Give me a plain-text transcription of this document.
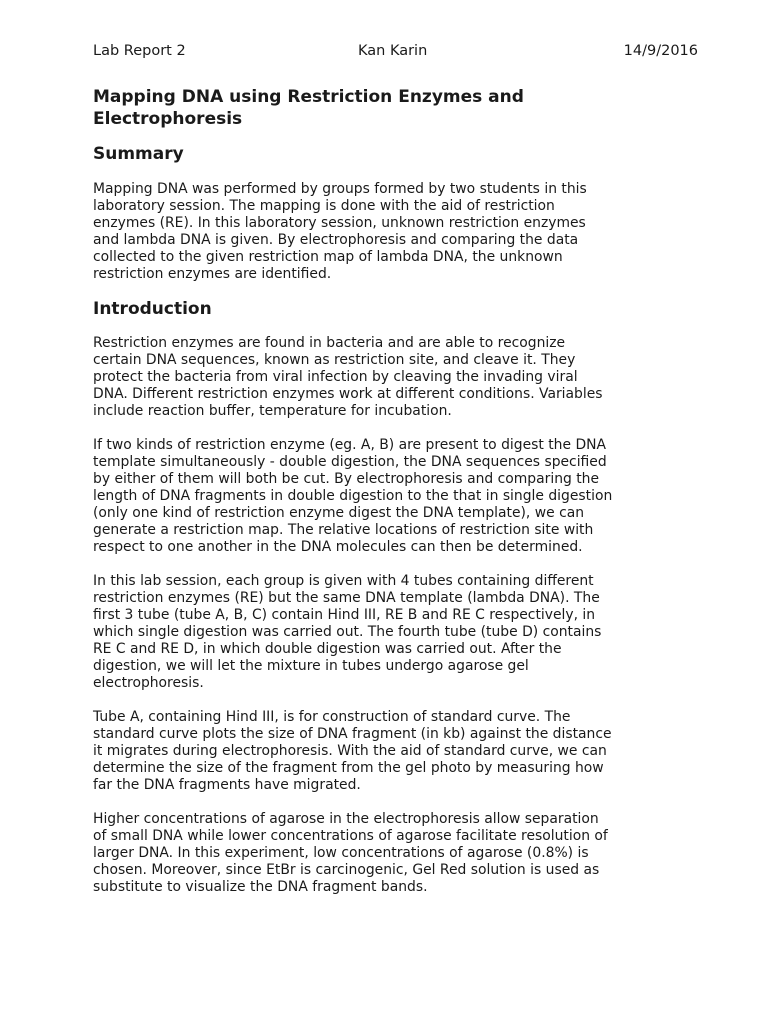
Lab Report 2	Kan Karin	14/9/2016
Mapping DNA using Restriction Enzymes and
Electrophoresis
Summary

Mapping DNA was performed by groups formed by two students in this
laboratory session. The mapping is done with the aid of restriction
enzymes (RE). In this laboratory session, unknown restriction enzymes
and lambda DNA is given. By electrophoresis and comparing the data
collected to the given restriction map of lambda DNA, the unknown
restriction enzymes are identified.

Introduction

Restriction enzymes are found in bacteria and are able to recognize
certain DNA sequences, known as restriction site, and cleave it. They
protect the bacteria from viral infection by cleaving the invading viral
DNA. Different restriction enzymes work at different conditions. Variables
include reaction buffer, temperature for incubation.

If two kinds of restriction enzyme (eg. A, B) are present to digest the DNA
template simultaneously - double digestion, the DNA sequences specified
by either of them will both be cut. By electrophoresis and comparing the
length of DNA fragments in double digestion to the that in single digestion
(only one kind of restriction enzyme digest the DNA template), we can
generate a restriction map. The relative locations of restriction site with
respect to one another in the DNA molecules can then be determined.

In this lab session, each group is given with 4 tubes containing different
restriction enzymes (RE) but the same DNA template (lambda DNA). The
first 3 tube (tube A, B, C) contain Hind III, RE B and RE C respectively, in
which single digestion was carried out. The fourth tube (tube D) contains
RE C and RE D, in which double digestion was carried out. After the
digestion, we will let the mixture in tubes undergo agarose gel
electrophoresis.

Tube A, containing Hind III, is for construction of standard curve. The
standard curve plots the size of DNA fragment (in kb) against the distance
it migrates during electrophoresis. With the aid of standard curve, we can
determine the size of the fragment from the gel photo by measuring how
far the DNA fragments have migrated.

Higher concentrations of agarose in the electrophoresis allow separation
of small DNA while lower concentrations of agarose facilitate resolution of
larger DNA. In this experiment, low concentrations of agarose (0.8%) is
chosen. Moreover, since EtBr is carcinogenic, Gel Red solution is used as
substitute to visualize the DNA fragment bands.
